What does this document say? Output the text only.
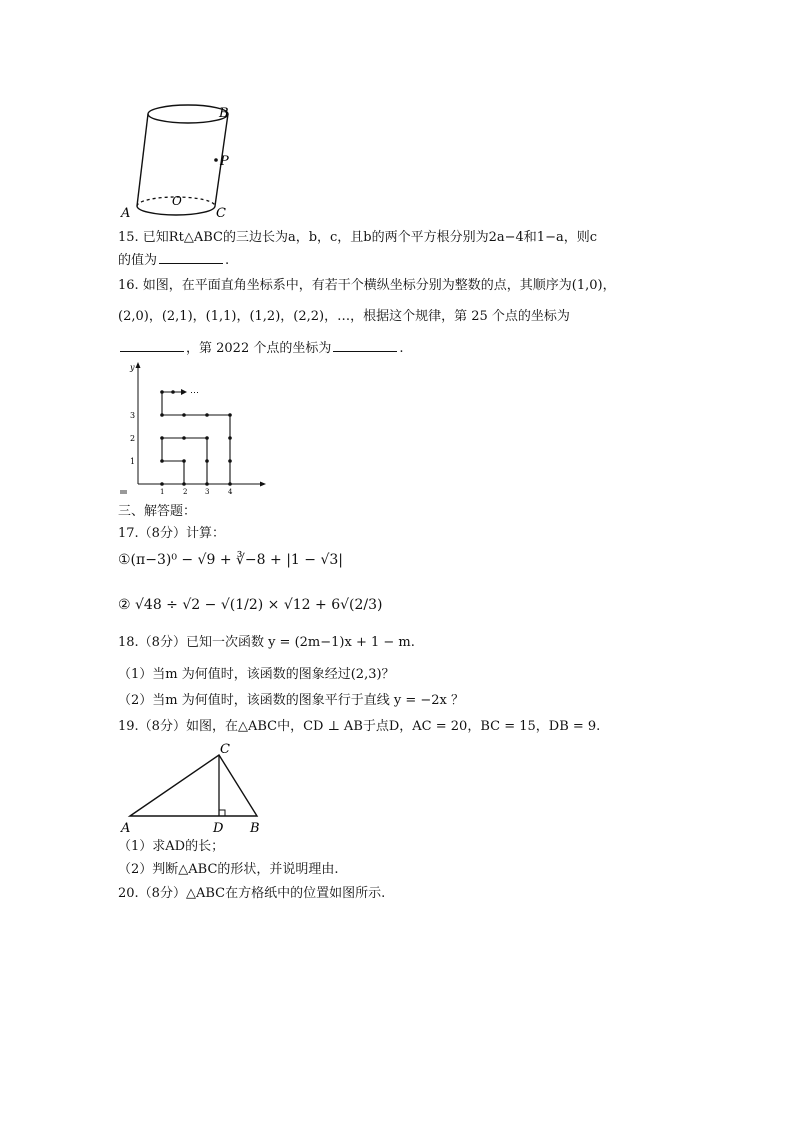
P
B
A	C
O
15. 已知Rt△ABC的三边长为a，b，c，且b的两个平方根分别为2a−4和1−a，则c
的值为	.
16. 如图，在平面直角坐标系中，有若干个横纵坐标分别为整数的点，其顺序为(1,0)，
(2,0)，(2,1)，(1,1)，(1,2)，(2,2)，…，根据这个规律，第 25 个点的坐标为
，第 2022 个点的坐标为	.
y
1
2
3
1	2	3	4
⋯
三、解答题：
17.（8分）计算：
①(π−3)⁰ − √9 + ∛−8 + |1 − √3|
② √48 ÷ √2 − √(1/2) × √12 + 6√(2/3)
18.（8分）已知一次函数 y = (2m−1)x + 1 − m.
（1）当m 为何值时，该函数的图象经过(2,3)？
（2）当m 为何值时，该函数的图象平行于直线 y = −2x ？
19.（8分）如图，在△ABC中，CD ⊥ AB于点D，AC = 20，BC = 15，DB = 9.
C
A	D B
（1）求AD的长；
（2）判断△ABC的形状，并说明理由.
20.（8分）△ABC在方格纸中的位置如图所示.
